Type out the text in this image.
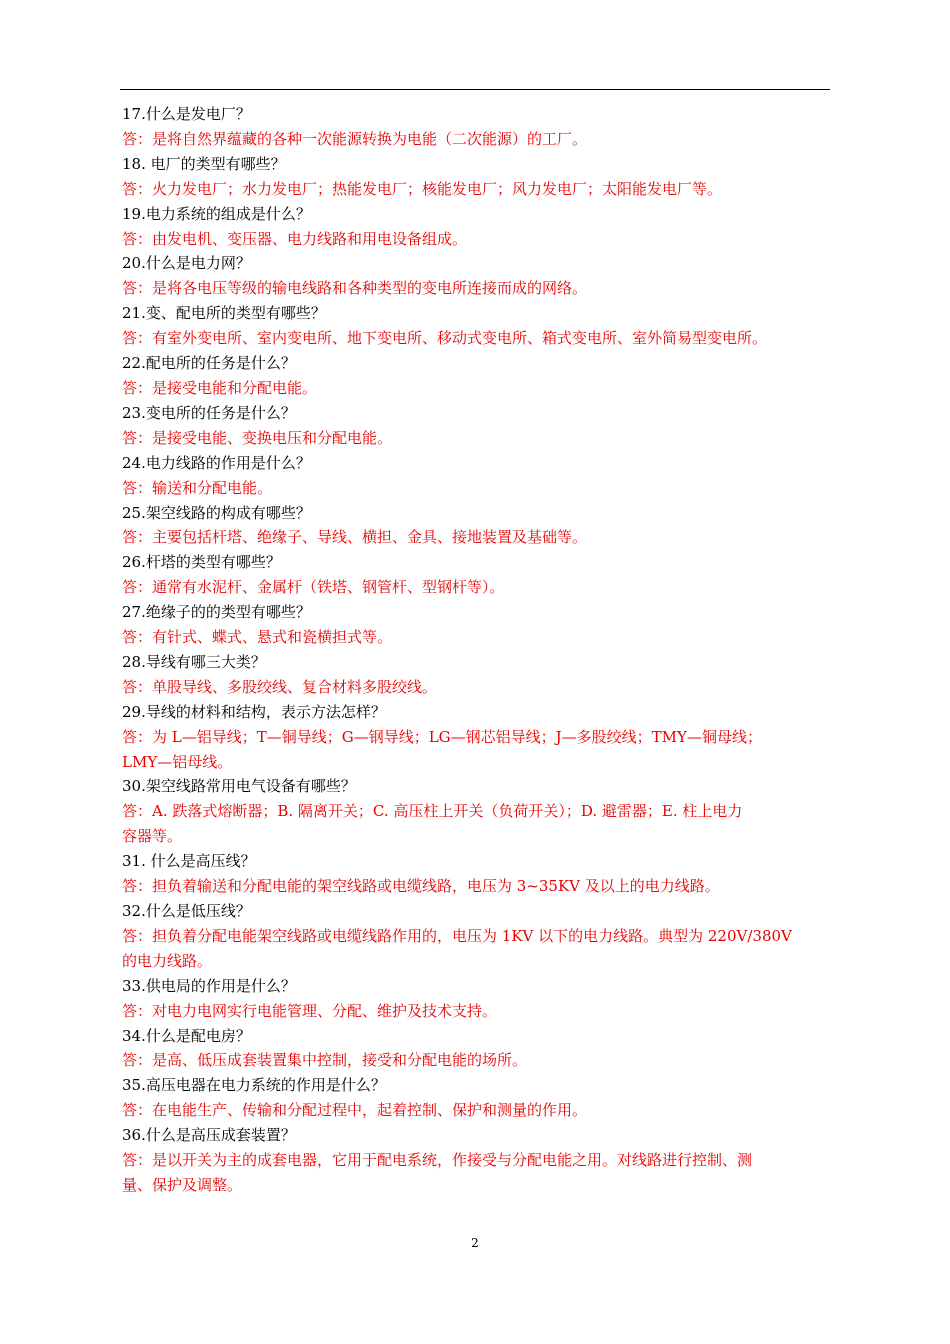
17.什么是发电厂？
答：是将自然界蕴藏的各种一次能源转换为电能（二次能源）的工厂。
18. 电厂的类型有哪些？
答：火力发电厂；水力发电厂；热能发电厂；核能发电厂；风力发电厂；太阳能发电厂等。
19.电力系统的组成是什么？
答：由发电机、变压器、电力线路和用电设备组成。
20.什么是电力网？
答：是将各电压等级的输电线路和各种类型的变电所连接而成的网络。
21.变、配电所的类型有哪些？
答：有室外变电所、室内变电所、地下变电所、移动式变电所、箱式变电所、室外简易型变电所。
22.配电所的任务是什么？
答：是接受电能和分配电能。
23.变电所的任务是什么？
答：是接受电能、变换电压和分配电能。
24.电力线路的作用是什么？
答：输送和分配电能。
25.架空线路的构成有哪些？
答：主要包括杆塔、绝缘子、导线、横担、金具、接地装置及基础等。
26.杆塔的类型有哪些？
答：通常有水泥杆、金属杆（铁塔、钢管杆、型钢杆等）。
27.绝缘子的的类型有哪些？
答：有针式、蝶式、悬式和瓷横担式等。
28.导线有哪三大类？
答：单股导线、多股绞线、复合材料多股绞线。
29.导线的材料和结构，表示方法怎样？
答：为 L—铝导线；T—铜导线；G—钢导线；LG—钢芯铝导线；J—多股绞线；TMY—铜母线；
LMY—铝母线。
30.架空线路常用电气设备有哪些？
答：A. 跌落式熔断器；B. 隔离开关；C. 高压柱上开关（负荷开关）；D. 避雷器；E. 柱上电力
容器等。
31. 什么是高压线？
答：担负着输送和分配电能的架空线路或电缆线路，电压为 3~35KV 及以上的电力线路。
32.什么是低压线？
答：担负着分配电能架空线路或电缆线路作用的，电压为 1KV 以下的电力线路。典型为 220V/380V
的电力线路。
33.供电局的作用是什么？
答：对电力电网实行电能管理、分配、维护及技术支持。
34.什么是配电房？
答：是高、低压成套装置集中控制，接受和分配电能的场所。
35.高压电器在电力系统的作用是什么？
答：在电能生产、传输和分配过程中，起着控制、保护和测量的作用。
36.什么是高压成套装置？
答：是以开关为主的成套电器，它用于配电系统，作接受与分配电能之用。对线路进行控制、测
量、保护及调整。
2
